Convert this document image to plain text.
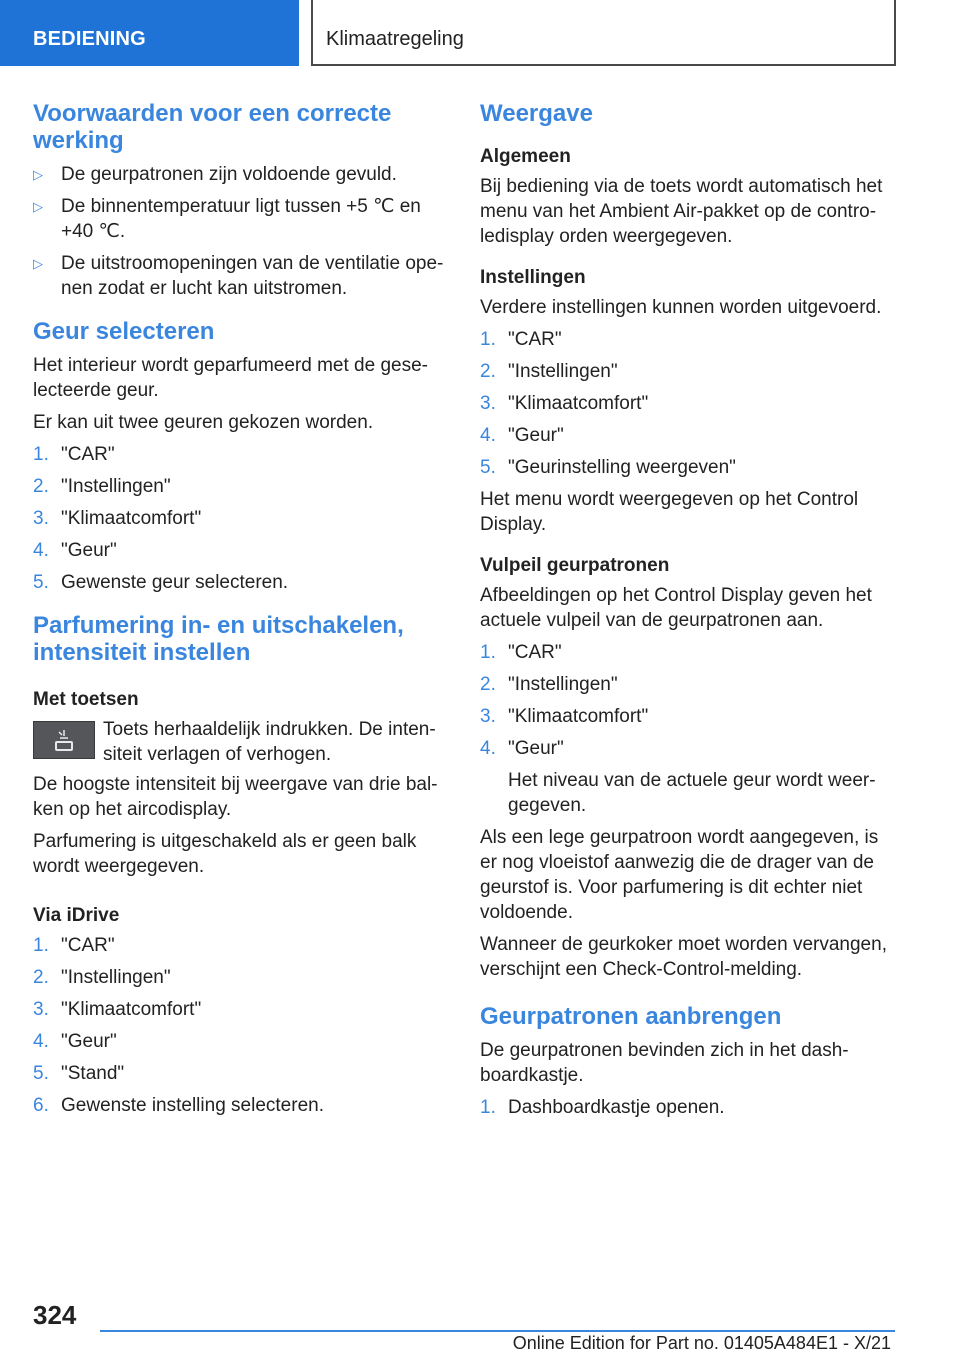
BEDIENING	Klimaatregeling
Voorwaarden voor een correcte werking
▷ De geurpatronen zijn voldoende gevuld.
▷ De binnentemperatuur ligt tussen +5 ℃ en +40 ℃.
▷ De uitstroomopeningen van de ventilatie ope-nen zodat er lucht kan uitstromen.
Geur selecteren

Het interieur wordt geparfumeerd met de gese-lecteerde geur.

Er kan uit twee geuren gekozen worden.

1. "CAR"
2. "Instellingen"
3. "Klimaatcomfort"
4. "Geur"
5. Gewenste geur selecteren.
Parfumering in- en uitschakelen, intensiteit instellen
Met toetsen
Toets herhaaldelijk indrukken. De inten-siteit verlagen of verhogen.

De hoogste intensiteit bij weergave van drie bal-ken op het aircodisplay.

Parfumering is uitgeschakeld als er geen balk wordt weergegeven.

Via iDrive
1. "CAR"
2. "Instellingen"
3. "Klimaatcomfort"
4. "Geur"
5. "Stand"
6. Gewenste instelling selecteren.
Weergave
Algemeen

Bij bediening via de toets wordt automatisch het menu van het Ambient Air-pakket op de contro-ledisplay orden weergegeven.

Instellingen

Verdere instellingen kunnen worden uitgevoerd.

1. "CAR"
2. "Instellingen"
3. "Klimaatcomfort"
4. "Geur"
5. "Geurinstelling weergeven"

Het menu wordt weergegeven op het Control Display.

Vulpeil geurpatronen

Afbeeldingen op het Control Display geven het actuele vulpeil van de geurpatronen aan.

1. "CAR"
2. "Instellingen"
3. "Klimaatcomfort"
4. "Geur"

Het niveau van de actuele geur wordt weer-gegeven.

Als een lege geurpatroon wordt aangegeven, is er nog vloeistof aanwezig die de drager van de geurstof is. Voor parfumering is dit echter niet voldoende.

Wanneer de geurkoker moet worden vervangen, verschijnt een Check-Control-melding.

Geurpatronen aanbrengen

De geurpatronen bevinden zich in het dash-boardkastje.

1. Dashboardkastje openen.
324
Online Edition for Part no. 01405A484E1 - X/21
